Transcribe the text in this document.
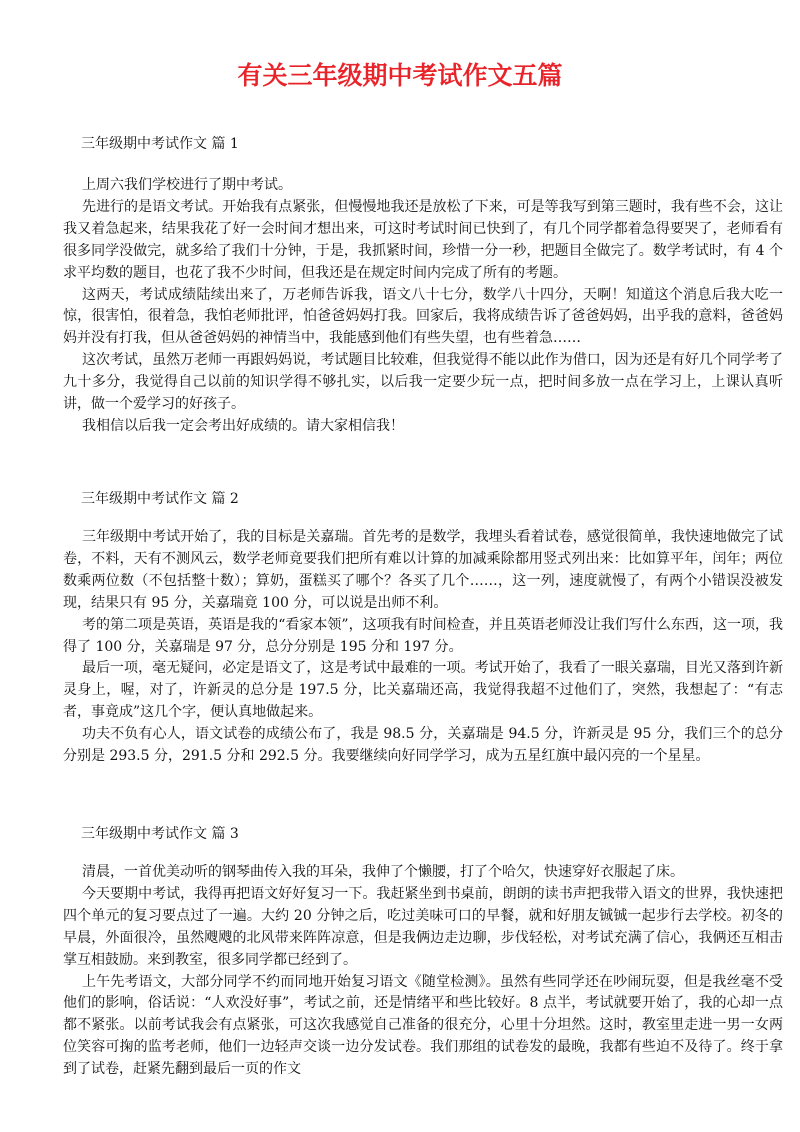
有关三年级期中考试作文五篇
三年级期中考试作文 篇 1

上周六我们学校进行了期中考试。

先进行的是语文考试。开始我有点紧张，但慢慢地我还是放松了下来，可是等我写到第三题时，我有些不会，这让我又着急起来，结果我花了好一会时间才想出来，可这时考试时间已快到了，有几个同学都着急得要哭了，老师看有很多同学没做完，就多给了我们十分钟，于是，我抓紧时间，珍惜一分一秒，把题目全做完了。数学考试时，有 4 个求平均数的题目，也花了我不少时间，但我还是在规定时间内完成了所有的考题。

这两天，考试成绩陆续出来了，万老师告诉我，语文八十七分，数学八十四分，天啊！知道这个消息后我大吃一惊，很害怕，很着急，我怕老师批评，怕爸爸妈妈打我。回家后，我将成绩告诉了爸爸妈妈，出乎我的意料，爸爸妈妈并没有打我，但从爸爸妈妈的神情当中，我能感到他们有些失望，也有些着急……

这次考试，虽然万老师一再跟妈妈说，考试题目比较难，但我觉得不能以此作为借口，因为还是有好几个同学考了九十多分，我觉得自己以前的知识学得不够扎实，以后我一定要少玩一点，把时间多放一点在学习上，上课认真听讲，做一个爱学习的好孩子。

我相信以后我一定会考出好成绩的。请大家相信我！

三年级期中考试作文 篇 2

三年级期中考试开始了，我的目标是关嘉瑞。首先考的是数学，我埋头看着试卷，感觉很简单，我快速地做完了试卷，不料，天有不测风云，数学老师竟要我们把所有难以计算的加减乘除都用竖式列出来：比如算平年，闰年；两位数乘两位数（不包括整十数）；算奶，蛋糕买了哪个？各买了几个……，这一列，速度就慢了，有两个小错误没被发现，结果只有 95 分，关嘉瑞竟 100 分，可以说是出师不利。

考的第二项是英语，英语是我的“看家本领”，这项我有时间检查，并且英语老师没让我们写什么东西，这一项，我得了 100 分，关嘉瑞是 97 分，总分分别是 195 分和 197 分。

最后一项，毫无疑问，必定是语文了，这是考试中最难的一项。考试开始了，我看了一眼关嘉瑞，目光又落到许新灵身上，喔，对了，许新灵的总分是 197.5 分，比关嘉瑞还高，我觉得我超不过他们了，突然，我想起了：“有志者，事竟成”这几个字，便认真地做起来。

功夫不负有心人，语文试卷的成绩公布了，我是 98.5 分，关嘉瑞是 94.5 分，许新灵是 95 分，我们三个的总分分别是 293.5 分，291.5 分和 292.5 分。我要继续向好同学学习，成为五星红旗中最闪亮的一个星星。

三年级期中考试作文 篇 3

清晨，一首优美动听的钢琴曲传入我的耳朵，我伸了个懒腰，打了个哈欠，快速穿好衣服起了床。

今天要期中考试，我得再把语文好好复习一下。我赶紧坐到书桌前，朗朗的读书声把我带入语文的世界，我快速把四个单元的复习要点过了一遍。大约 20 分钟之后，吃过美味可口的早餐，就和好朋友铖铖一起步行去学校。初冬的早晨，外面很冷，虽然飕飕的北风带来阵阵凉意，但是我俩边走边聊，步伐轻松，对考试充满了信心，我俩还互相击掌互相鼓励。来到教室，很多同学都已经到了。

上午先考语文，大部分同学不约而同地开始复习语文《随堂检测》。虽然有些同学还在吵闹玩耍，但是我丝毫不受他们的影响，俗话说：“人欢没好事”，考试之前，还是情绪平和些比较好。8 点半，考试就要开始了，我的心却一点都不紧张。以前考试我会有点紧张，可这次我感觉自己准备的很充分，心里十分坦然。这时，教室里走进一男一女两位笑容可掬的监考老师，他们一边轻声交谈一边分发试卷。我们那组的试卷发的最晚，我都有些迫不及待了。终于拿到了试卷，赶紧先翻到最后一页的作文
